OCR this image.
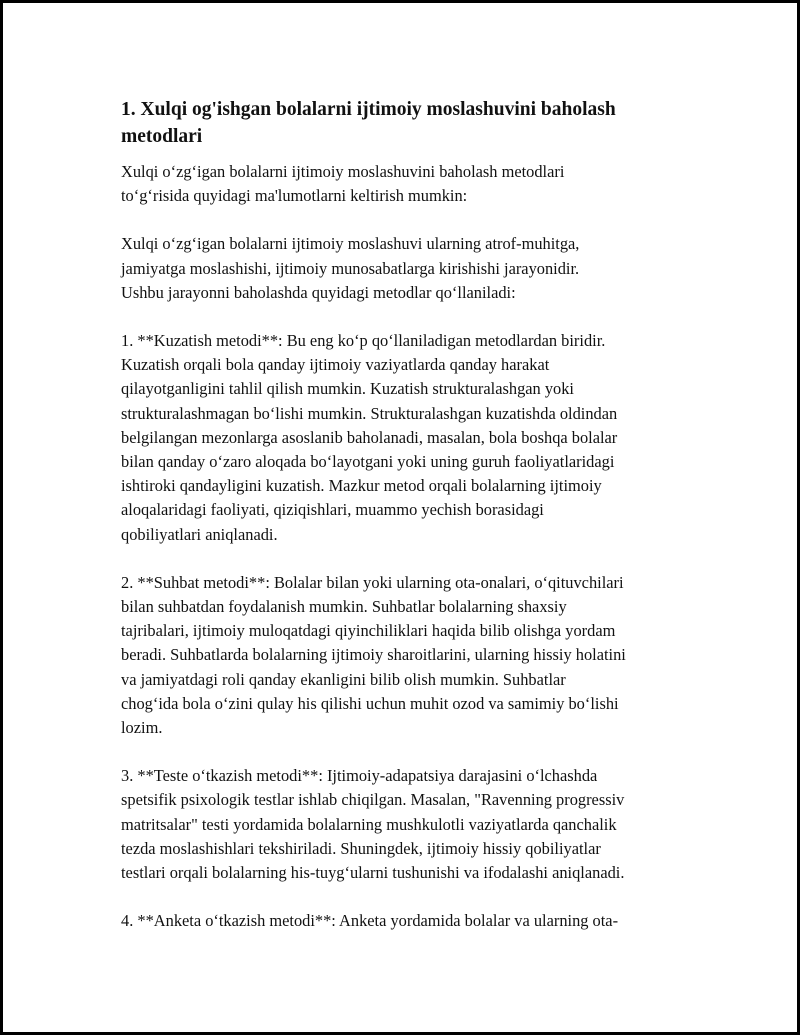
1. Xulqi og'ishgan bolalarni ijtimoiy moslashuvini baholash
metodlari

Xulqi o‘zg‘igan bolalarni ijtimoiy moslashuvini baholash metodlari
to‘g‘risida quyidagi ma'lumotlarni keltirish mumkin:

Xulqi o‘zg‘igan bolalarni ijtimoiy moslashuvi ularning atrof-muhitga,
jamiyatga moslashishi, ijtimoiy munosabatlarga kirishishi jarayonidir.
Ushbu jarayonni baholashda quyidagi metodlar qo‘llaniladi:

1. **Kuzatish metodi**: Bu eng ko‘p qo‘llaniladigan metodlardan biridir.
Kuzatish orqali bola qanday ijtimoiy vaziyatlarda qanday harakat
qilayotganligini tahlil qilish mumkin. Kuzatish strukturalashgan yoki
strukturalashmagan bo‘lishi mumkin. Strukturalashgan kuzatishda oldindan
belgilangan mezonlarga asoslanib baholanadi, masalan, bola boshqa bolalar
bilan qanday o‘zaro aloqada bo‘layotgani yoki uning guruh faoliyatlaridagi
ishtiroki qandayligini kuzatish. Mazkur metod orqali bolalarning ijtimoiy
aloqalaridagi faoliyati, qiziqishlari, muammo yechish borasidagi
qobiliyatlari aniqlanadi.

2. **Suhbat metodi**: Bolalar bilan yoki ularning ota-onalari, o‘qituvchilari
bilan suhbatdan foydalanish mumkin. Suhbatlar bolalarning shaxsiy
tajribalari, ijtimoiy muloqatdagi qiyinchiliklari haqida bilib olishga yordam
beradi. Suhbatlarda bolalarning ijtimoiy sharoitlarini, ularning hissiy holatini
va jamiyatdagi roli qanday ekanligini bilib olish mumkin. Suhbatlar
chog‘ida bola o‘zini qulay his qilishi uchun muhit ozod va samimiy bo‘lishi
lozim.

3. **Teste o‘tkazish metodi**: Ijtimoiy-adapatsiya darajasini o‘lchashda
spetsifik psixologik testlar ishlab chiqilgan. Masalan, "Ravenning progressiv
matritsalar" testi yordamida bolalarning mushkulotli vaziyatlarda qanchalik
tezda moslashishlari tekshiriladi. Shuningdek, ijtimoiy hissiy qobiliyatlar
testlari orqali bolalarning his-tuyg‘ularni tushunishi va ifodalashi aniqlanadi.

4. **Anketa o‘tkazish metodi**: Anketa yordamida bolalar va ularning ota-
